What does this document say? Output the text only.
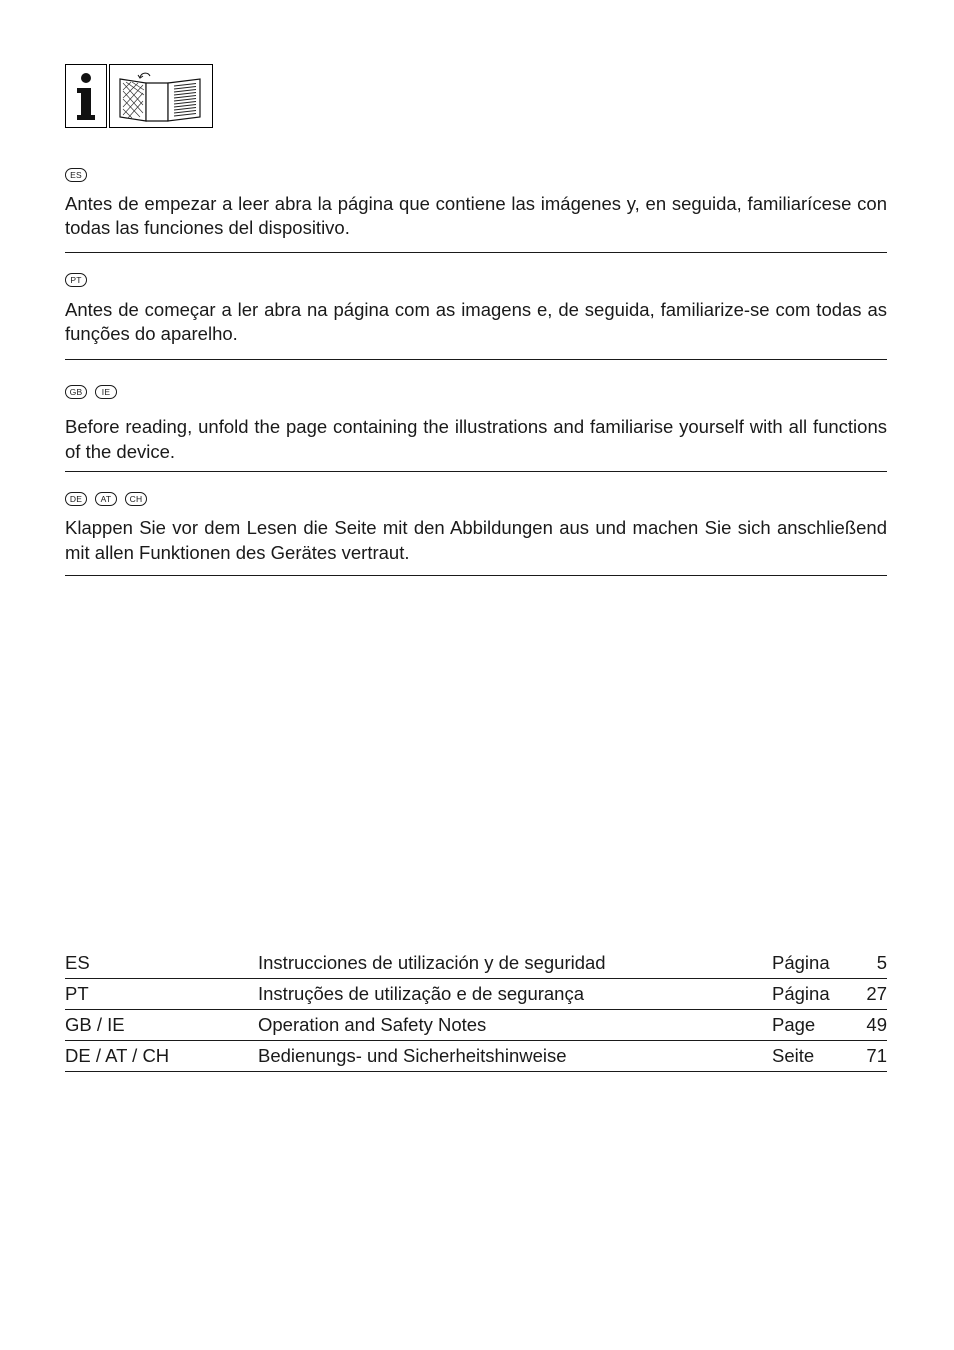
ES

Antes de empezar a leer abra la página que contiene las imágenes y, en seguida, familiarícese con todas las funciones del dispositivo.

PT

Antes de começar a ler abra na página com as imagens e, de seguida, familiarize-se com todas as funções do aparelho.

GB	IE

Before reading, unfold the page containing the illustrations and familiarise yourself with all functions of the device.

DE	AT	CH

Klappen Sie vor dem Lesen die Seite mit den Abbildungen aus und machen Sie sich anschließend mit allen Funktionen des Gerätes vertraut.

ES	Instrucciones de utilización y de seguridad	Página	5
PT	Instruções de utilização e de segurança	Página 27
GB / IE	Operation and Safety Notes	Page	49
DE / AT / CH	Bedienungs- und Sicherheitshinweise	Seite	71
